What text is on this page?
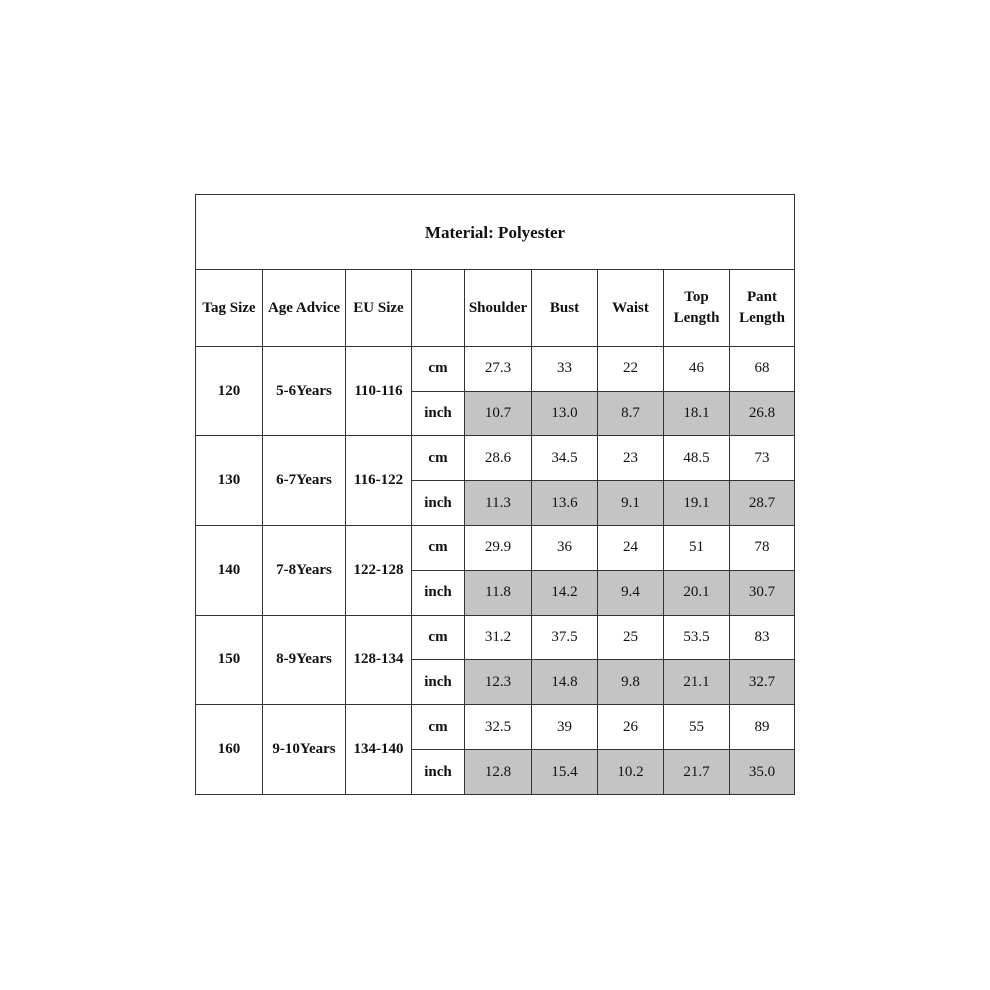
Material: Polyester								
Tag Size	Age Advice	EU Size		Shoulder	Bust	Waist	Top Length	Pant Length
120	5-6Years	110-116	cm	27.3	33	22	46	68
			inch	10.7	13.0	8.7	18.1	26.8
130	6-7Years	116-122	cm	28.6	34.5	23	48.5	73
			inch	11.3	13.6	9.1	19.1	28.7
140	7-8Years	122-128	cm	29.9	36	24	51	78
			inch	11.8	14.2	9.4	20.1	30.7
150	8-9Years	128-134	cm	31.2	37.5	25	53.5	83
			inch	12.3	14.8	9.8	21.1	32.7
160	9-10Years	134-140	cm	32.5	39	26	55	89
			inch	12.8	15.4	10.2	21.7	35.0
